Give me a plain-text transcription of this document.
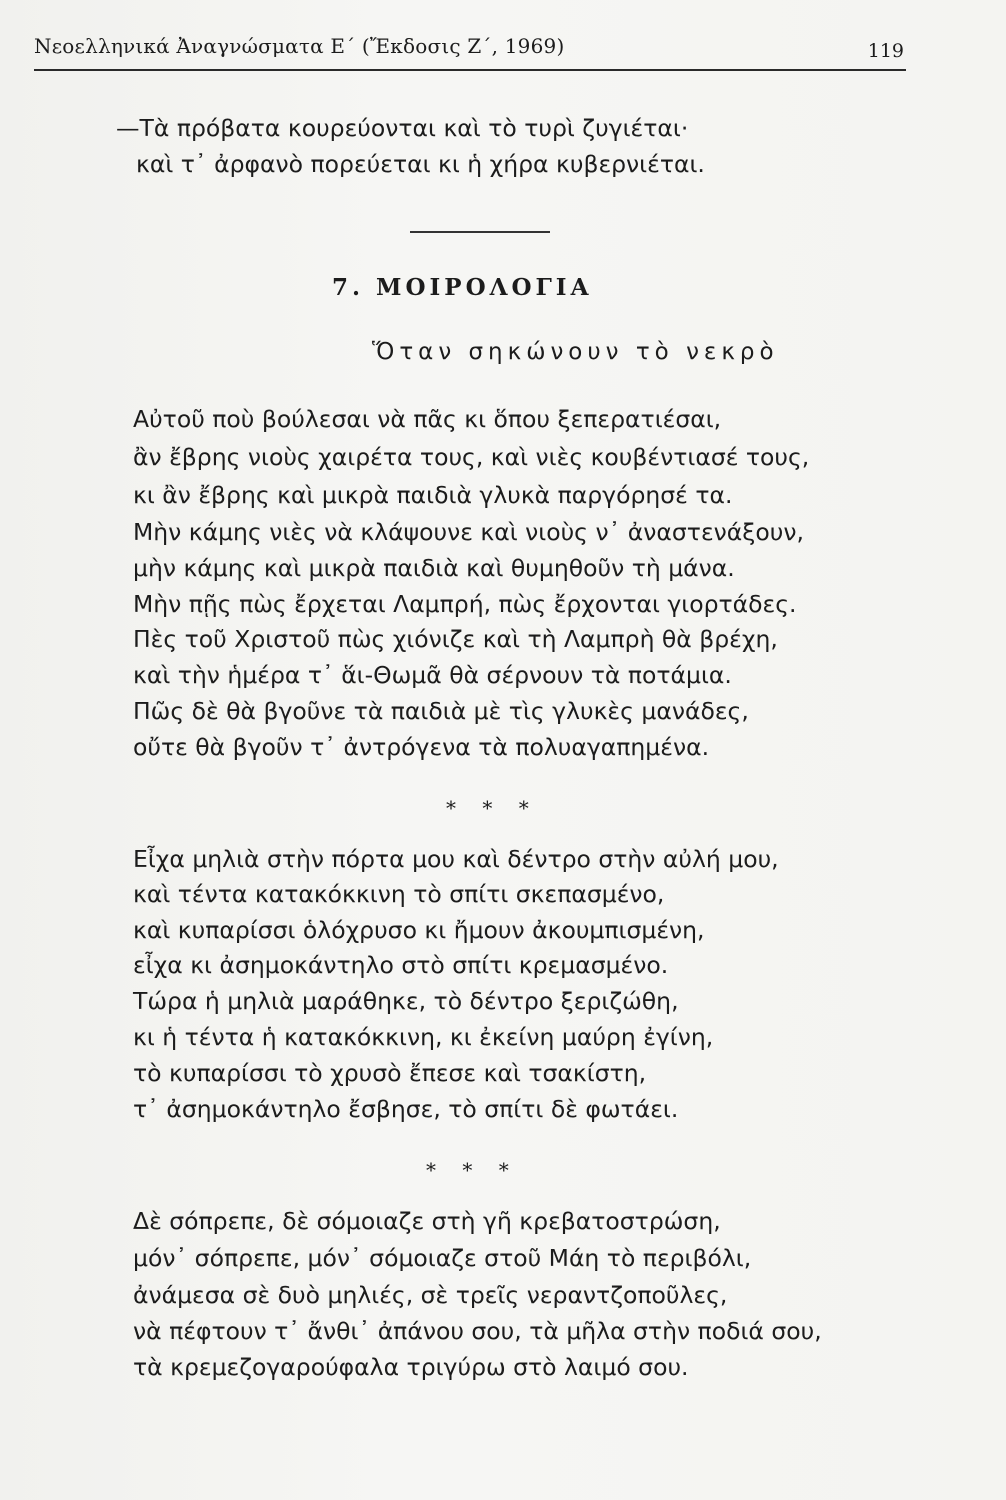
Νεοελληνικά Ἀναγνώσματα Ε΄ (Ἔκδοσις Ζ΄, 1969)	119
—Τὰ πρόβατα κουρεύονται καὶ τὸ τυρὶ ζυγιέται·
καὶ τ᾿ ἀρφανὸ πορεύεται κι ἡ χήρα κυβερνιέται.
7. ΜΟΙΡΟΛΟΓΙΑ
Ὅταν σηκώνουν τὸ νεκρὸ
Αὐτοῦ ποὺ βούλεσαι νὰ πᾶς κι ὅπου ξεπερατιέσαι,
ἂν ἔβρης νιοὺς χαιρέτα τους, καὶ νιὲς κουβέντιασέ τους,
κι ἂν ἔβρης καὶ μικρὰ παιδιὰ γλυκὰ παργόρησέ τα.
Μὴν κάμης νιὲς νὰ κλάψουνε καὶ νιοὺς ν᾿ ἀναστενάξουν,
μὴν κάμης καὶ μικρὰ παιδιὰ καὶ θυμηθοῦν τὴ μάνα.
Μὴν πῇς πὼς ἔρχεται Λαμπρή, πὼς ἔρχονται γιορτάδες.
Πὲς τοῦ Χριστοῦ πὼς χιόνιζε καὶ τὴ Λαμπρὴ θὰ βρέχη,
καὶ τὴν ἡμέρα τ᾿ ἅι-Θωμᾶ θὰ σέρνουν τὰ ποτάμια.
Πῶς δὲ θὰ βγοῦνε τὰ παιδιὰ μὲ τὶς γλυκὲς μανάδες,
οὔτε θὰ βγοῦν τ᾿ ἀντρόγενα τὰ πολυαγαπημένα.
* * *
Εἶχα μηλιὰ στὴν πόρτα μου καὶ δέντρο στὴν αὐλή μου,
καὶ τέντα κατακόκκινη τὸ σπίτι σκεπασμένο,
καὶ κυπαρίσσι ὁλόχρυσο κι ἤμουν ἀκουμπισμένη,
εἶχα κι ἀσημοκάντηλο στὸ σπίτι κρεμασμένο.
Τώρα ἡ μηλιὰ μαράθηκε, τὸ δέντρο ξεριζώθη,
κι ἡ τέντα ἡ κατακόκκινη, κι ἐκείνη μαύρη ἐγίνη,
τὸ κυπαρίσσι τὸ χρυσὸ ἔπεσε καὶ τσακίστη,
τ᾿ ἀσημοκάντηλο ἔσβησε, τὸ σπίτι δὲ φωτάει.
* * *
Δὲ σόπρεπε, δὲ σόμοιαζε στὴ γῆ κρεβατοστρώση,
μόν᾿ σόπρεπε, μόν᾿ σόμοιαζε στοῦ Μάη τὸ περιβόλι,
ἀνάμεσα σὲ δυὸ μηλιές, σὲ τρεῖς νεραντζοποῦλες,
νὰ πέφτουν τ᾿ ἄνθι᾿ ἀπάνου σου, τὰ μῆλα στὴν ποδιά σου,
τὰ κρεμεζογαρούφαλα τριγύρω στὸ λαιμό σου.
